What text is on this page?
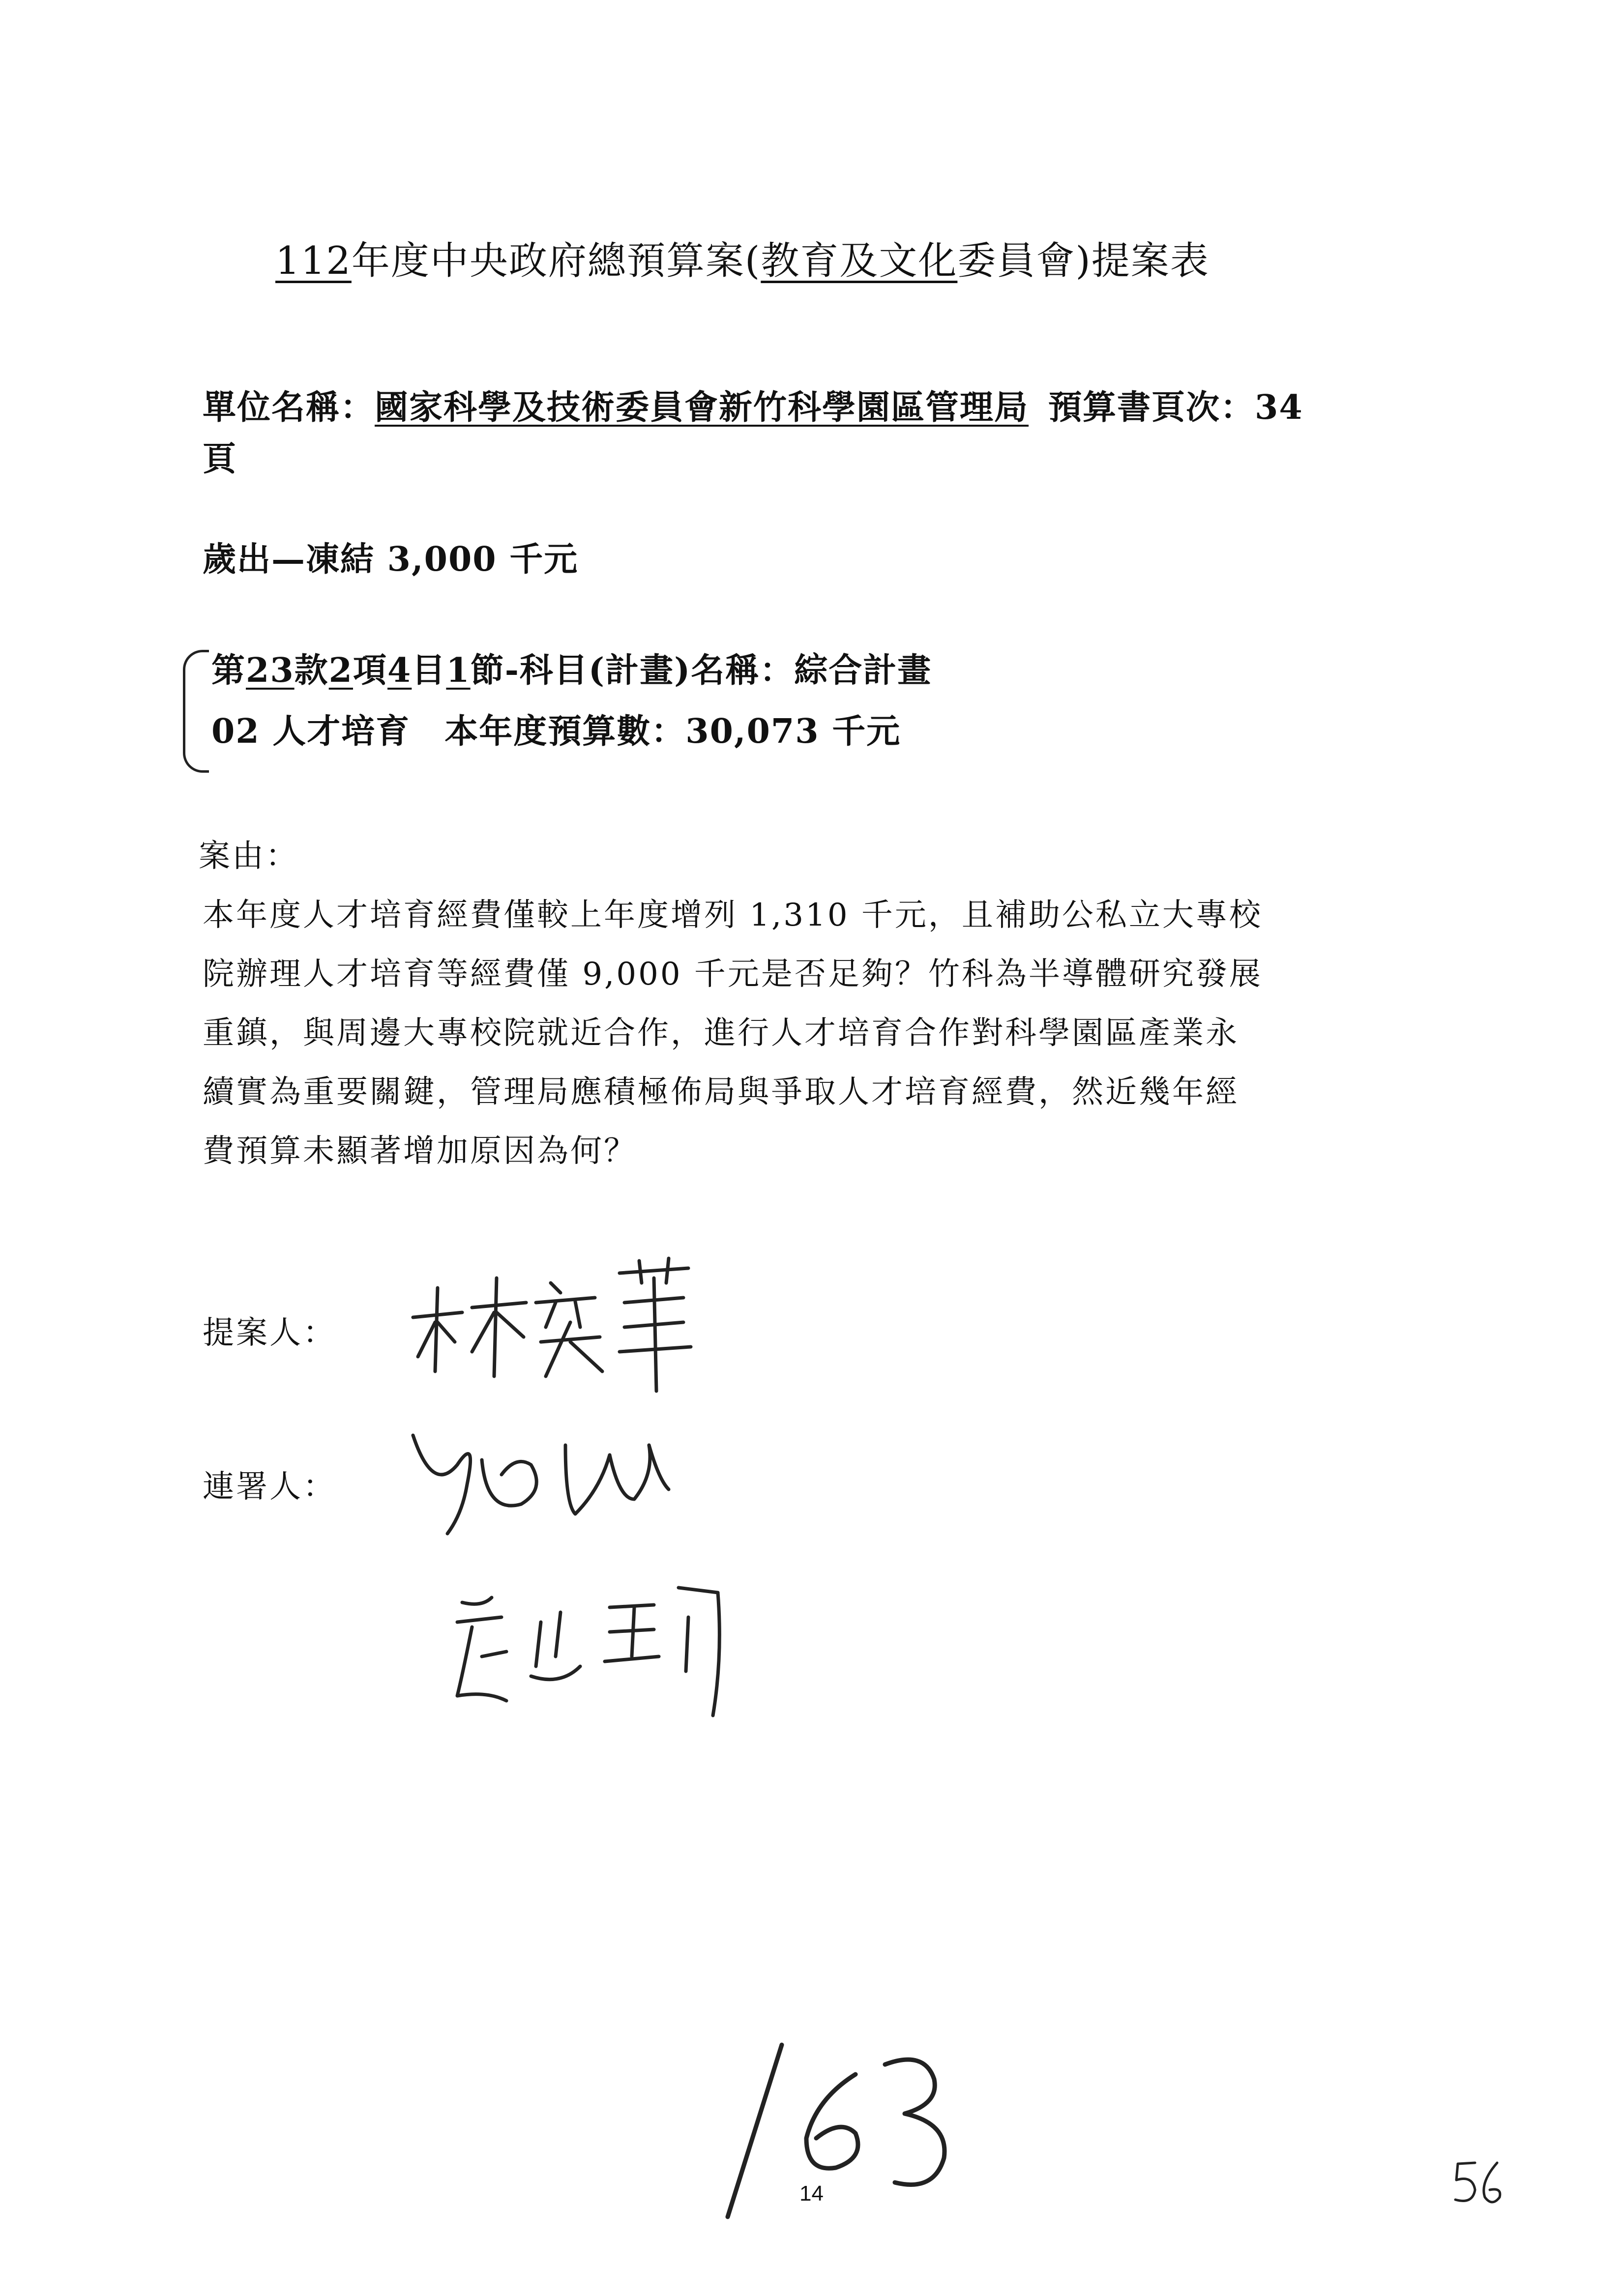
112年度中央政府總預算案(教育及文化委員會)提案表
單位名稱：國家科學及技術委員會新竹科學園區管理局 預算書頁次：34
頁
歲出—凍結 3,000 千元
第23款2項4目1節-科目(計畫)名稱：綜合計畫
02 人才培育　本年度預算數：30,073 千元
案由：
本年度人才培育經費僅較上年度增列 1,310 千元，且補助公私立大專校
院辦理人才培育等經費僅 9,000 千元是否足夠？竹科為半導體研究發展
重鎮，與周邊大專校院就近合作，進行人才培育合作對科學園區產業永
續實為重要關鍵，管理局應積極佈局與爭取人才培育經費，然近幾年經
費預算未顯著增加原因為何？
提案人：
連署人：
14
